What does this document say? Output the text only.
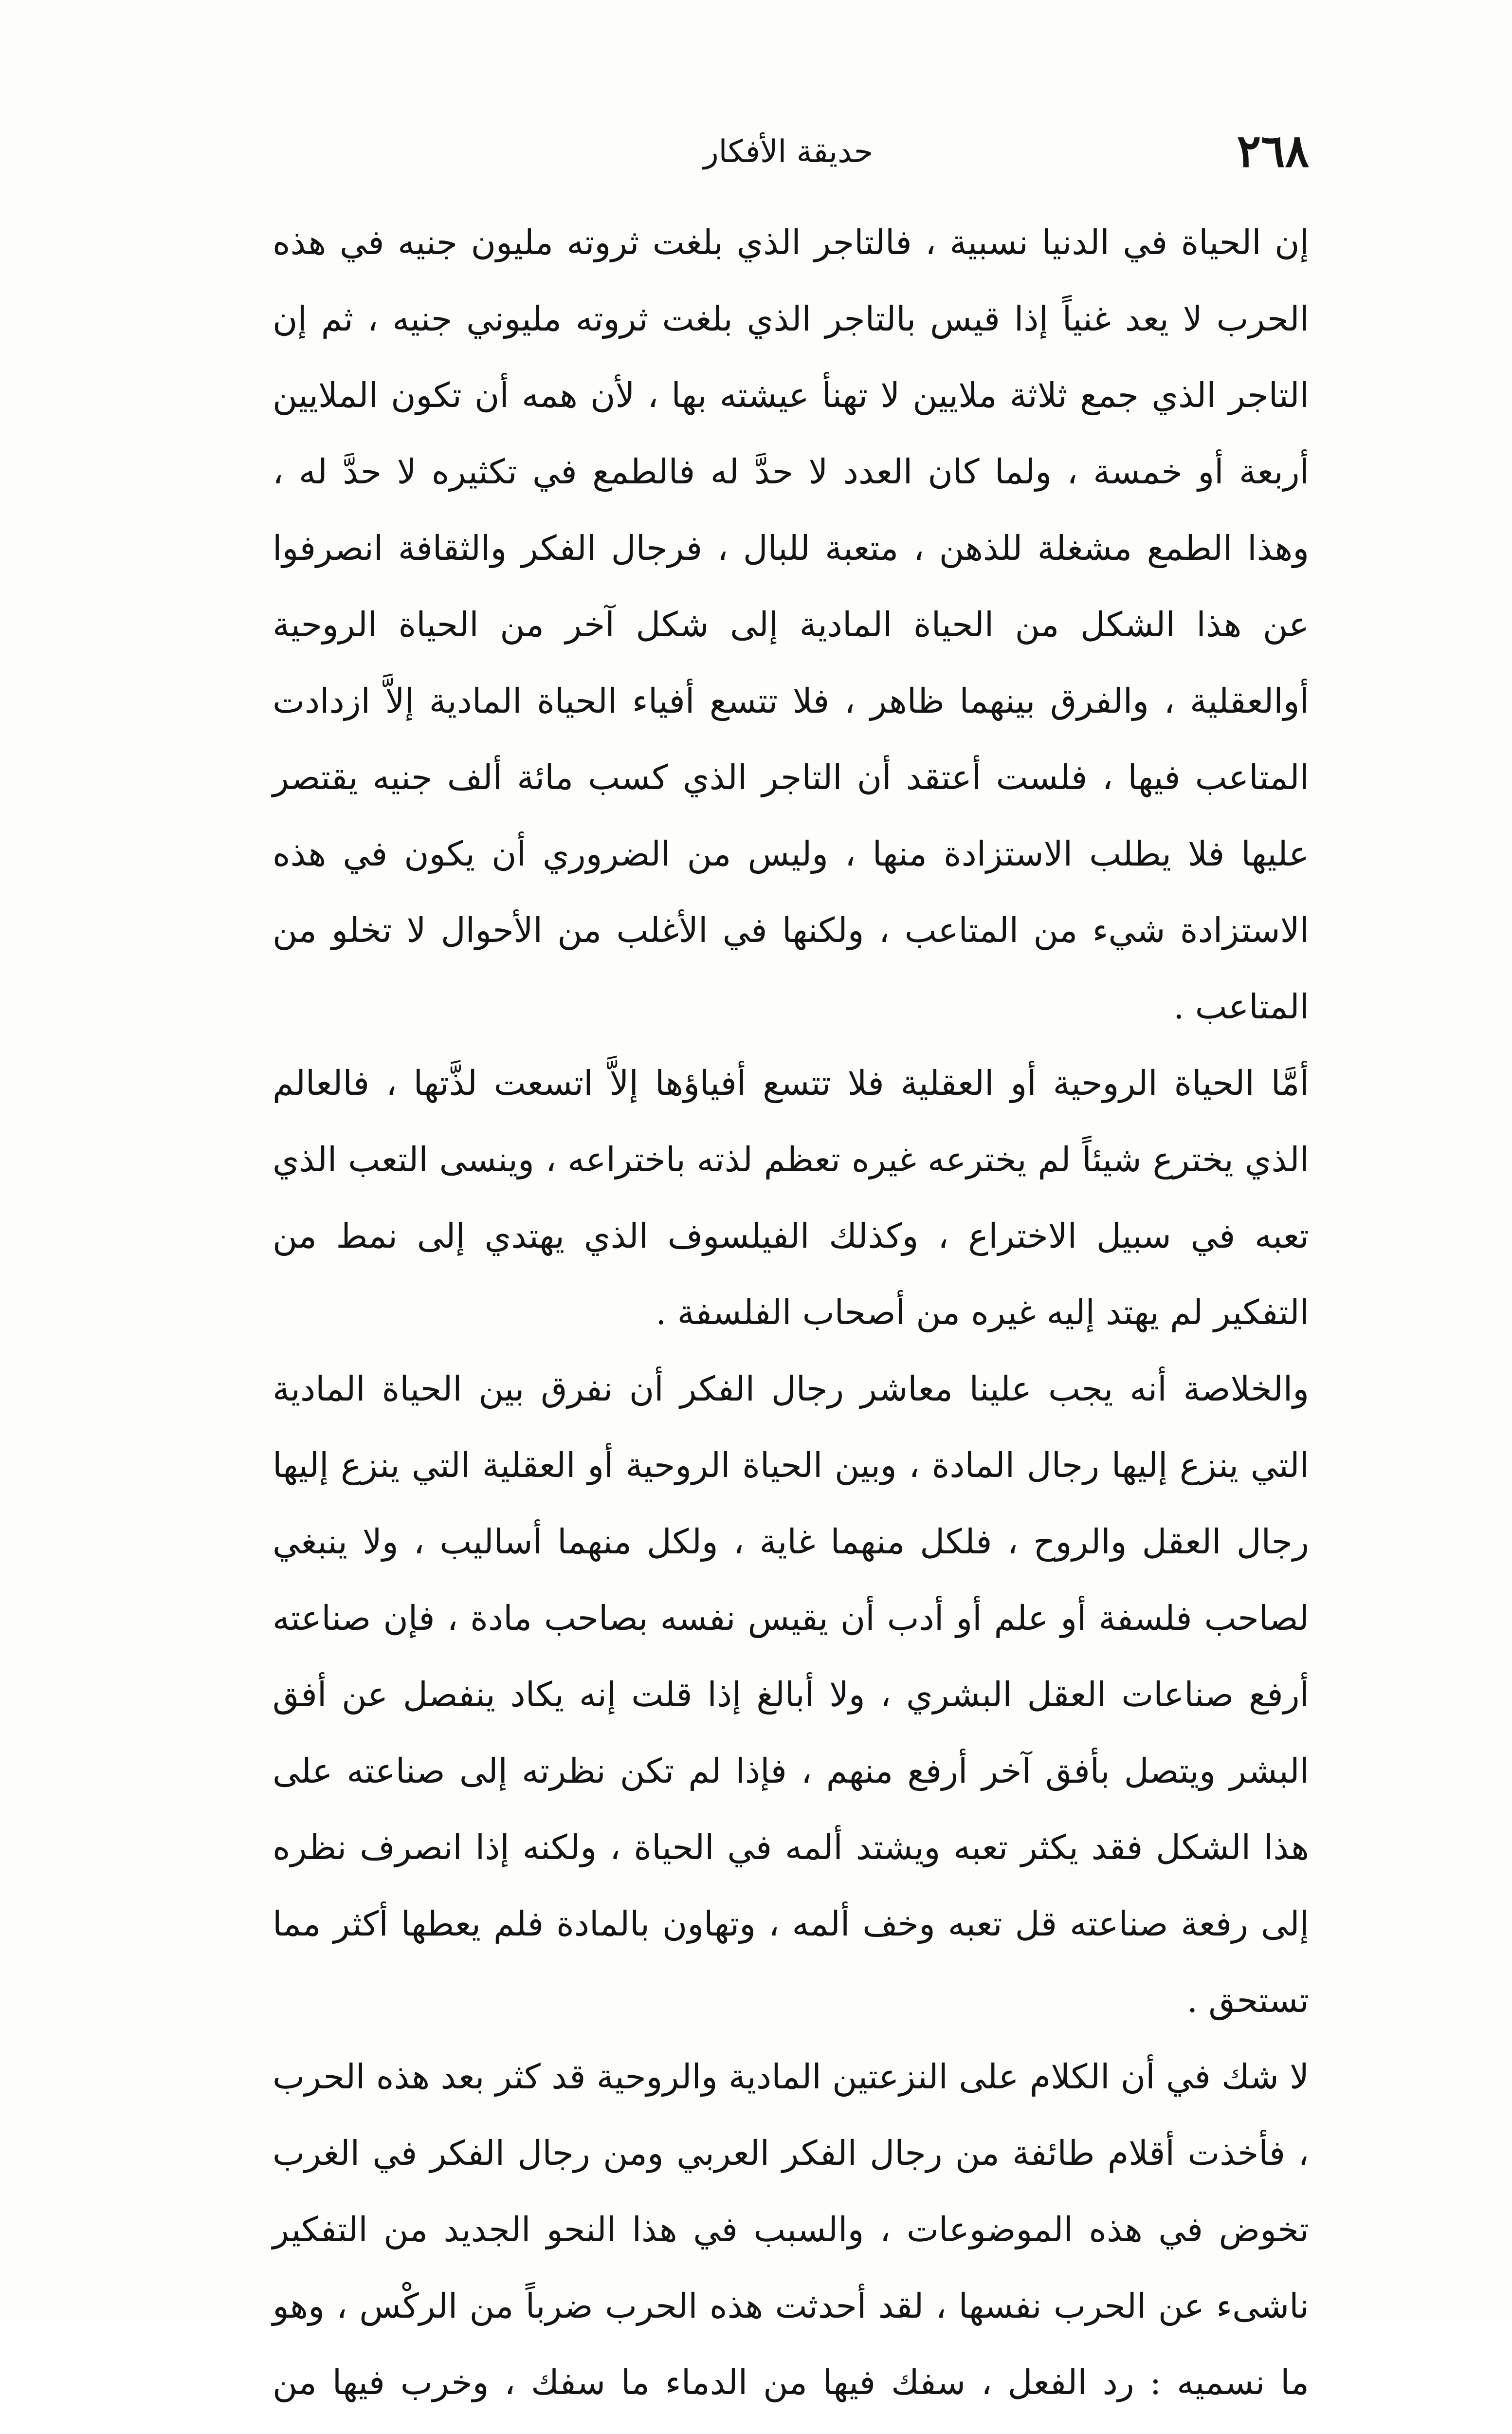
٢٦٨
حديقة الأفكار

إن الحياة في الدنيا نسبية ، فالتاجر الذي بلغت ثروته مليون جنيه في هذه الحرب لا يعد غنياً إذا قيس بالتاجر الذي بلغت ثروته مليوني جنيه ، ثم إن التاجر الذي جمع ثلاثة ملايين لا تهنأ عيشته بها ، لأن همه أن تكون الملايين أربعة أو خمسة ، ولما كان العدد لا حدَّ له فالطمع في تكثيره لا حدَّ له ، وهذا الطمع مشغلة للذهن ، متعبة للبال ، فرجال الفكر والثقافة انصرفوا عن هذا الشكل من الحياة المادية إلى شكل آخر من الحياة الروحية أوالعقلية ، والفرق بينهما ظاهر ، فلا تتسع أفياء الحياة المادية إلاَّ ازدادت المتاعب فيها ، فلست أعتقد أن التاجر الذي كسب مائة ألف جنيه يقتصر عليها فلا يطلب الاستزادة منها ، وليس من الضروري أن يكون في هذه الاستزادة شيء من المتاعب ، ولكنها في الأغلب من الأحوال لا تخلو من المتاعب .

أمَّا الحياة الروحية أو العقلية فلا تتسع أفياؤها إلاَّ اتسعت لذَّتها ، فالعالم الذي يخترع شيئاً لم يخترعه غيره تعظم لذته باختراعه ، وينسى التعب الذي تعبه في سبيل الاختراع ، وكذلك الفيلسوف الذي يهتدي إلى نمط من التفكير لم يهتد إليه غيره من أصحاب الفلسفة .

والخلاصة أنه يجب علينا معاشر رجال الفكر أن نفرق بين الحياة المادية التي ينزع إليها رجال المادة ، وبين الحياة الروحية أو العقلية التي ينزع إليها رجال العقل والروح ، فلكل منهما غاية ، ولكل منهما أساليب ، ولا ينبغي لصاحب فلسفة أو علم أو أدب أن يقيس نفسه بصاحب مادة ، فإن صناعته أرفع صناعات العقل البشري ، ولا أبالغ إذا قلت إنه يكاد ينفصل عن أفق البشر ويتصل بأفق آخر أرفع منهم ، فإذا لم تكن نظرته إلى صناعته على هذا الشكل فقد يكثر تعبه ويشتد ألمه في الحياة ، ولكنه إذا انصرف نظره إلى رفعة صناعته قل تعبه وخف ألمه ، وتهاون بالمادة فلم يعطها أكثر مما تستحق .

لا شك في أن الكلام على النزعتين المادية والروحية قد كثر بعد هذه الحرب ، فأخذت أقلام طائفة من رجال الفكر العربي ومن رجال الفكر في الغرب تخوض في هذه الموضوعات ، والسبب في هذا النحو الجديد من التفكير ناشىء عن الحرب نفسها ، لقد أحدثت هذه الحرب ضرباً من الركْس ، وهو ما نسميه : رد الفعل ، سفك فيها من الدماء ما سفك ، وخرب فيها من
